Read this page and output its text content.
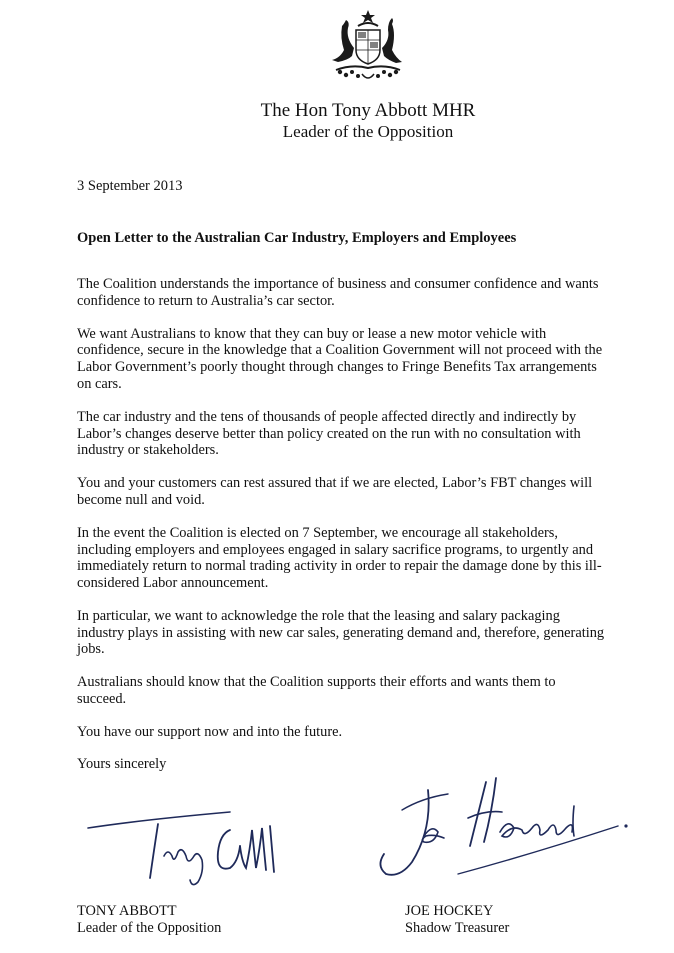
The Hon Tony Abbott MHR
Leader of the Opposition
3 September 2013
Open Letter to the Australian Car Industry, Employers and Employees

The Coalition understands the importance of business and consumer confidence and wants confidence to return to Australia’s car sector.

We want Australians to know that they can buy or lease a new motor vehicle with confidence, secure in the knowledge that a Coalition Government will not proceed with the Labor Government’s poorly thought through changes to Fringe Benefits Tax arrangements on cars.

The car industry and the tens of thousands of people affected directly and indirectly by Labor’s changes deserve better than policy created on the run with no consultation with industry or stakeholders.

You and your customers can rest assured that if we are elected, Labor’s FBT changes will become null and void.

In the event the Coalition is elected on 7 September, we encourage all stakeholders, including employers and employees engaged in salary sacrifice programs, to urgently and immediately return to normal trading activity in order to repair the damage done by this ill-considered Labor announcement.

In particular, we want to acknowledge the role that the leasing and salary packaging industry plays in assisting with new car sales, generating demand and, therefore, generating jobs.

Australians should know that the Coalition supports their efforts and wants them to succeed.

You have our support now and into the future.

Yours sincerely
TONY ABBOTT
Leader of the Opposition
JOE HOCKEY
Shadow Treasurer
